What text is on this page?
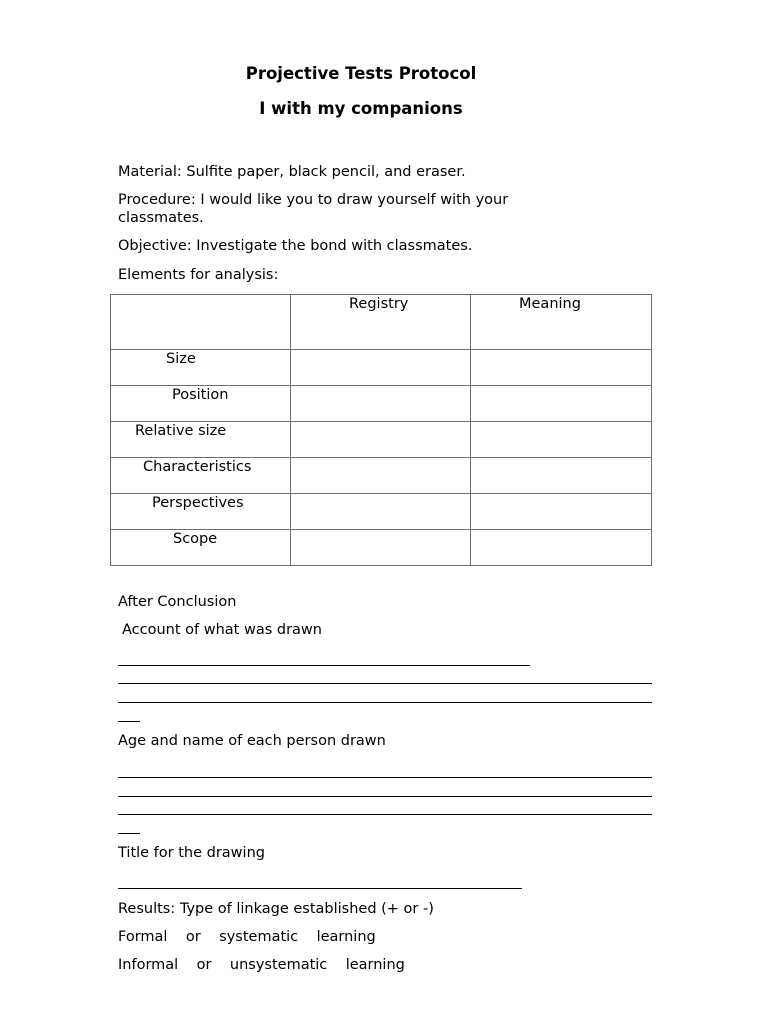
Projective Tests Protocol
I with my companions
Material: Sulfite paper, black pencil, and eraser.
Procedure: I would like you to draw yourself with your
classmates.
Objective: Investigate the bond with classmates.
Elements for analysis:

	Registry	Meaning

Size		

Position		

Relative size		

Characteristics		

Perspectives		

Scope		

After Conclusion
Account of what was drawn
Age and name of each person drawn
Title for the drawing
Results: Type of linkage established (+ or -)
Formal    or    systematic    learning
Informal    or    unsystematic    learning
